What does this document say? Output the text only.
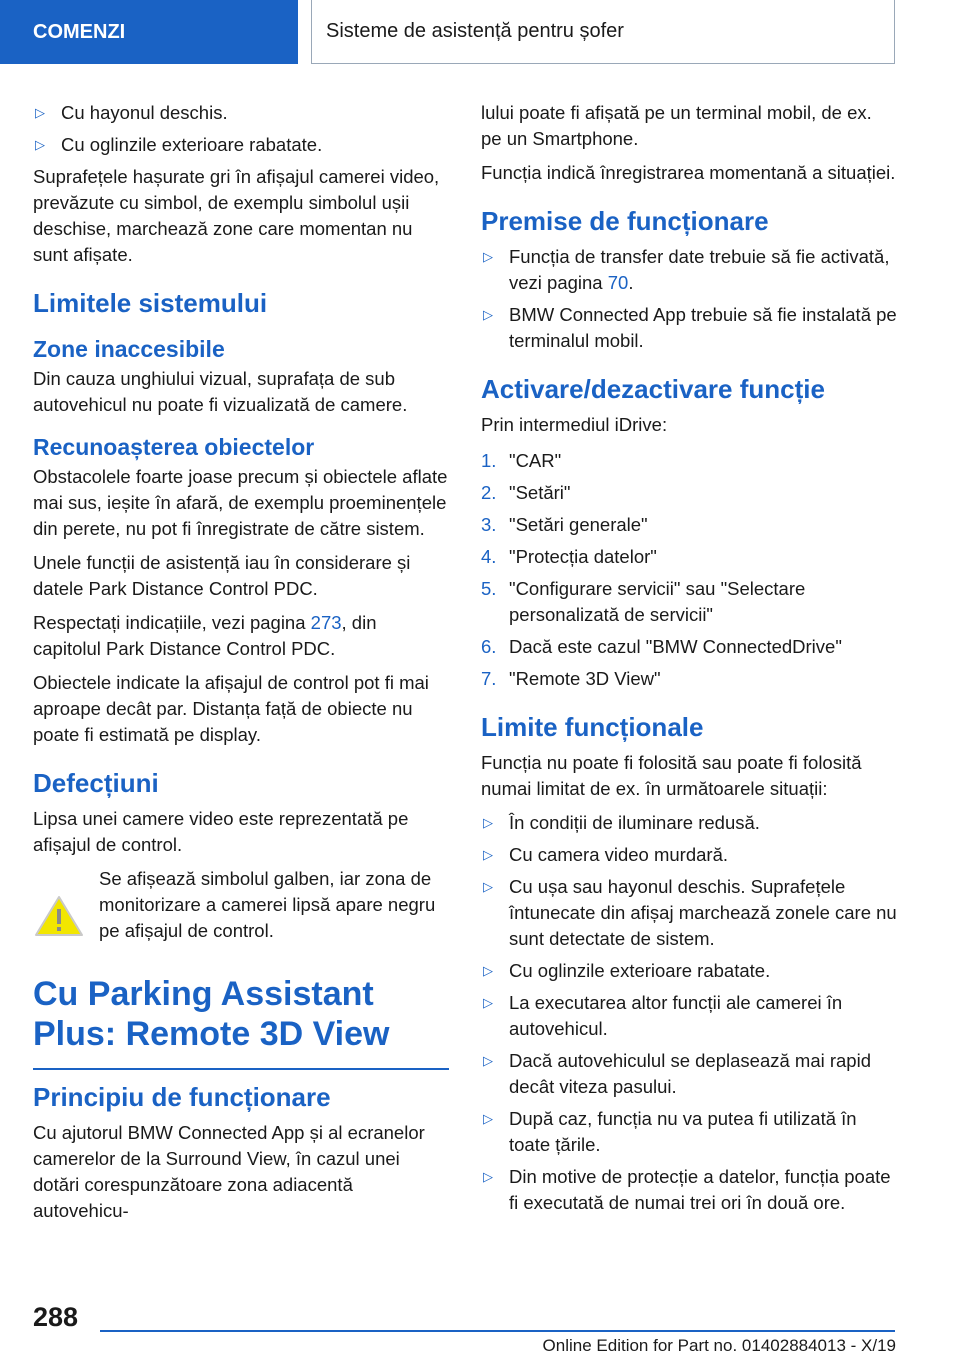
COMENZI	Sisteme de asistență pentru șofer
▷ Cu hayonul deschis.
▷ Cu oglinzile exterioare rabatate.

Suprafețele hașurate gri în afișajul camerei video, prevăzute cu simbol, de exemplu simbolul ușii deschise, marchează zone care momentan nu sunt afișate.

Limitele sistemului
Zone inaccesibile

Din cauza unghiului vizual, suprafața de sub autovehicul nu poate fi vizualizată de camere.

Recunoașterea obiectelor

Obstacolele foarte joase precum și obiectele aflate mai sus, ieșite în afară, de exemplu proeminențele din perete, nu pot fi înregistrate de către sistem.

Unele funcții de asistență iau în considerare și datele Park Distance Control PDC.

Respectați indicațiile, vezi pagina 273, din capitolul Park Distance Control PDC.

Obiectele indicate la afișajul de control pot fi mai aproape decât par. Distanța față de obiecte nu poate fi estimată pe display.

Defecțiuni

Lipsa unei camere video este reprezentată pe afișajul de control.

Se afișează simbolul galben, iar zona de monitorizare a camerei lipsă apare negru pe afișajul de control.
Cu Parking Assistant Plus: Remote 3D View
Principiu de funcționare

Cu ajutorul BMW Connected App și al ecranelor camerelor de la Surround View, în cazul unei dotări corespunzătoare zona adiacentă autovehicu-

lului poate fi afișată pe un terminal mobil, de ex. pe un Smartphone.

Funcția indică înregistrarea momentană a situației.

Premise de funcționare
▷ Funcția de transfer date trebuie să fie activată, vezi pagina 70.
▷ BMW Connected App trebuie să fie instalată pe terminalul mobil.
Activare/dezactivare funcție

Prin intermediul iDrive:

1. "CAR"
2. "Setări"
3. "Setări generale"
4. "Protecția datelor"
5. "Configurare servicii" sau "Selectare personalizată de servicii"
6. Dacă este cazul "BMW ConnectedDrive"
7. "Remote 3D View"
Limite funcționale

Funcția nu poate fi folosită sau poate fi folosită numai limitat de ex. în următoarele situații:

▷ În condiții de iluminare redusă.
▷ Cu camera video murdară.
▷ Cu ușa sau hayonul deschis. Suprafețele întunecate din afișaj marchează zonele care nu sunt detectate de sistem.
▷ Cu oglinzile exterioare rabatate.
▷ La executarea altor funcții ale camerei în autovehicul.
▷ Dacă autovehiculul se deplasează mai rapid decât viteza pasului.
▷ După caz, funcția nu va putea fi utilizată în toate țările.
▷ Din motive de protecție a datelor, funcția poate fi executată de numai trei ori în două ore.
288
Online Edition for Part no. 01402884013 - X/19
